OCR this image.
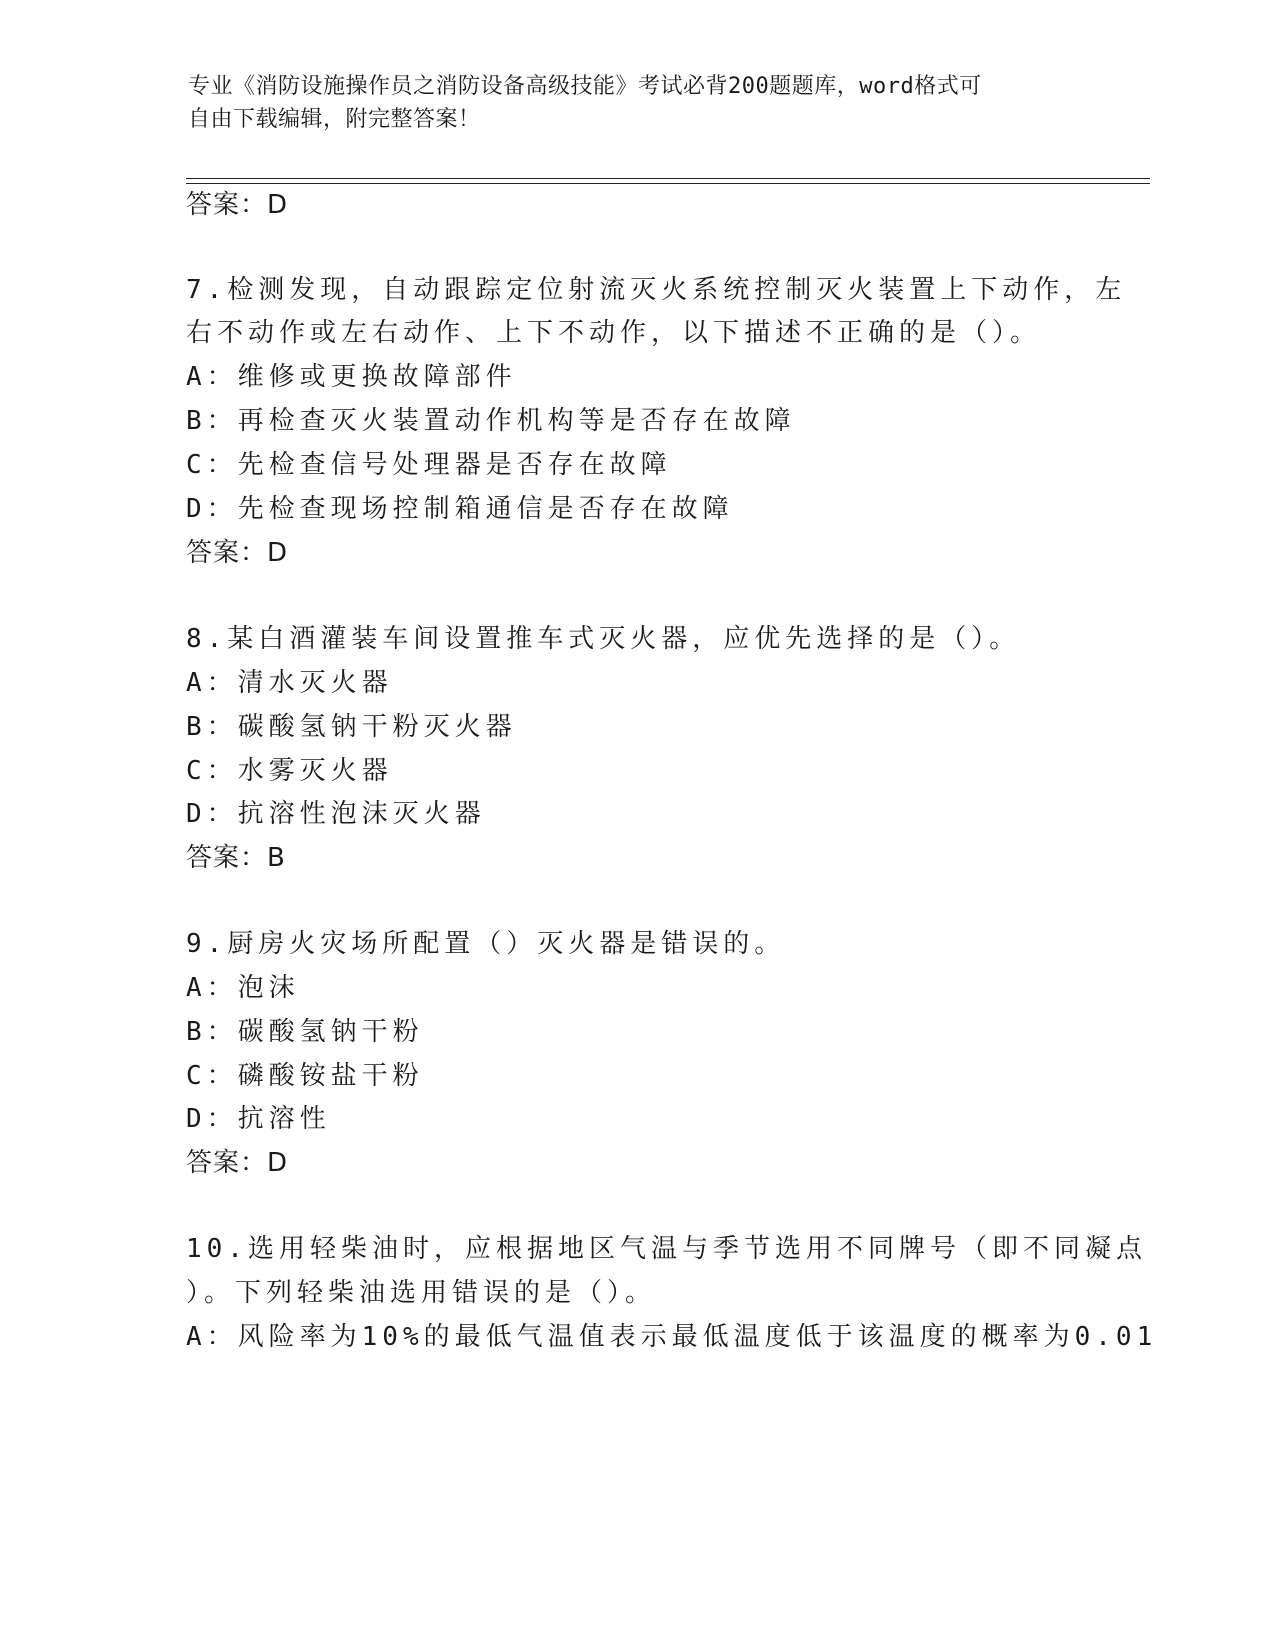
专业《消防设施操作员之消防设备高级技能》考试必背200题题库，word格式可
自由下载编辑，附完整答案！
答案：D
7.检测发现，自动跟踪定位射流灭火系统控制灭火装置上下动作，左
右不动作或左右动作、上下不动作，以下描述不正确的是（）。
A：维修或更换故障部件
B：再检查灭火装置动作机构等是否存在故障
C：先检查信号处理器是否存在故障
D：先检查现场控制箱通信是否存在故障
答案：D
8.某白酒灌装车间设置推车式灭火器，应优先选择的是（）。
A：清水灭火器
B：碳酸氢钠干粉灭火器
C：水雾灭火器
D：抗溶性泡沫灭火器
答案：B
9.厨房火灾场所配置（）灭火器是错误的。
A：泡沫
B：碳酸氢钠干粉
C：磷酸铵盐干粉
D：抗溶性
答案：D
10.选用轻柴油时，应根据地区气温与季节选用不同牌号（即不同凝点
）。下列轻柴油选用错误的是（）。
A：风险率为10%的最低气温值表示最低温度低于该温度的概率为0.01
